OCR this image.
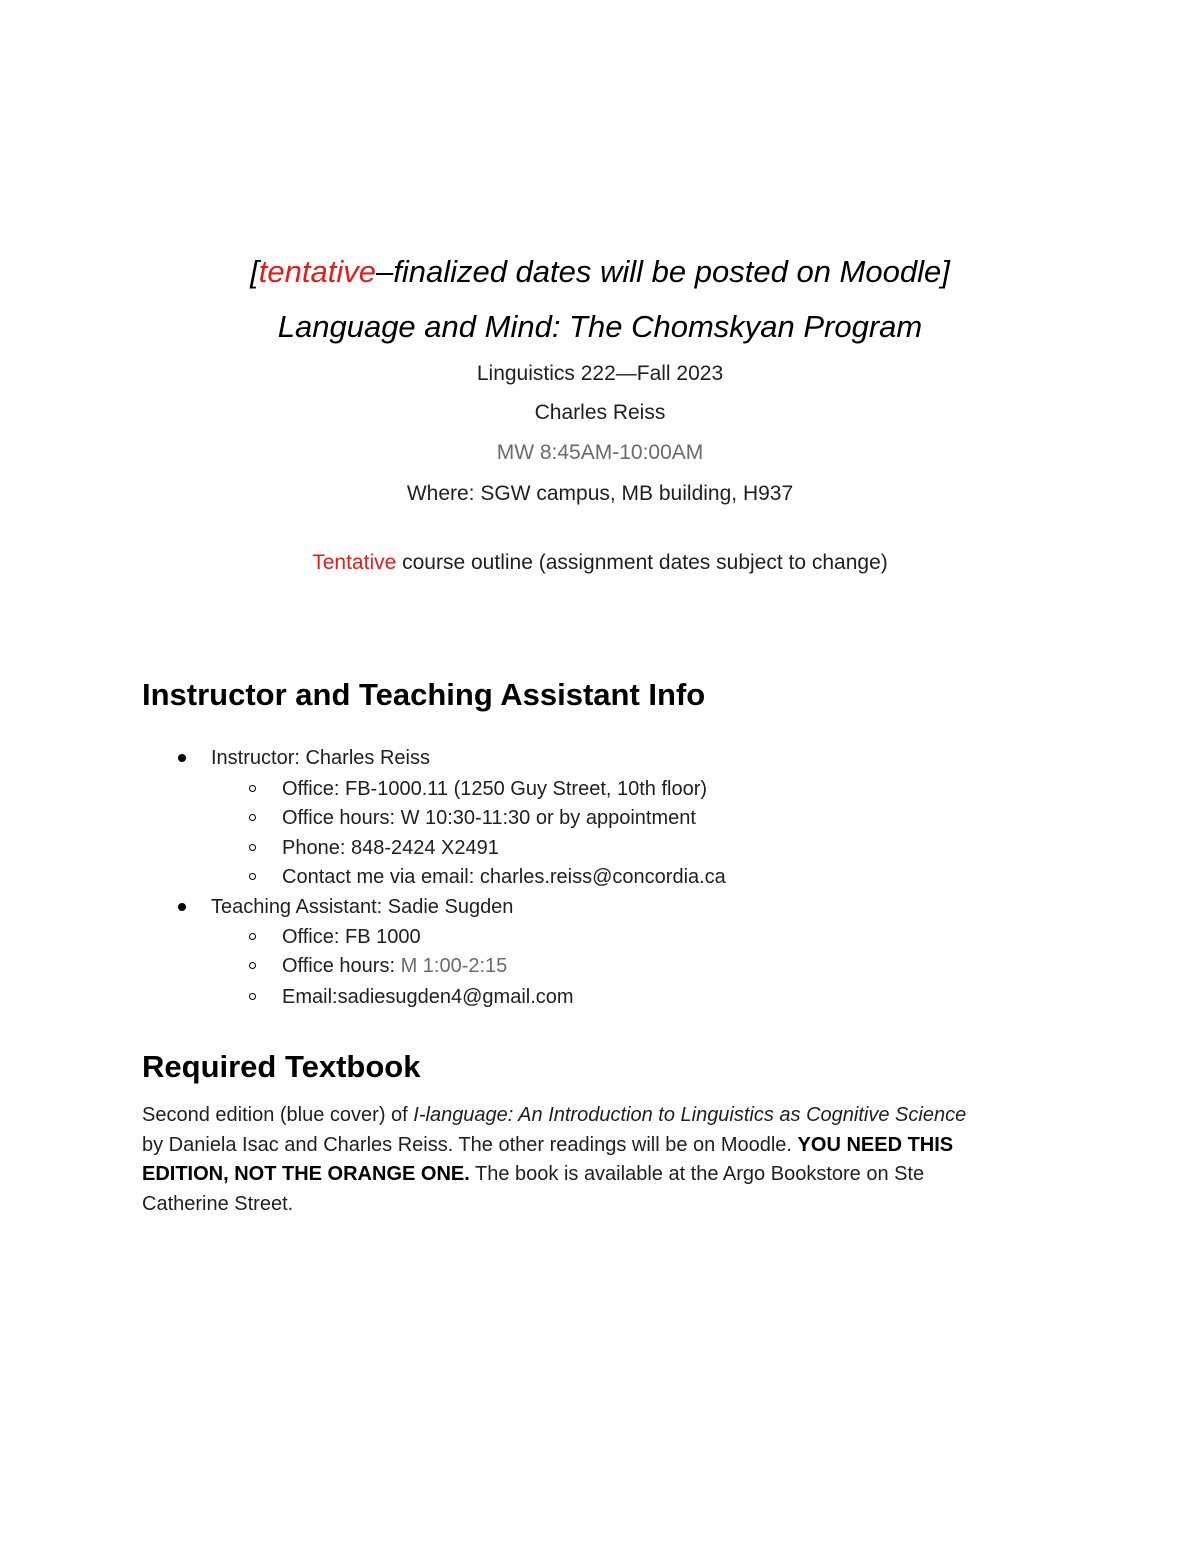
[tentative–finalized dates will be posted on Moodle]
Language and Mind: The Chomskyan Program
Linguistics 222—Fall 2023
Charles Reiss
MW 8:45AM-10:00AM
Where: SGW campus, MB building, H937
Tentative course outline (assignment dates subject to change)
Instructor and Teaching Assistant Info
Instructor: Charles Reiss
Office: FB-1000.11 (1250 Guy Street, 10th floor)
Office hours: W 10:30-11:30 or by appointment
Phone: 848-2424 X2491
Contact me via email: charles.reiss@concordia.ca
Teaching Assistant: Sadie Sugden
Office: FB 1000
Office hours: M 1:00-2:15
Email:sadiesugden4@gmail.com
Required Textbook
Second edition (blue cover) of I-language: An Introduction to Linguistics as Cognitive Science
by Daniela Isac and Charles Reiss. The other readings will be on Moodle. YOU NEED THIS
EDITION, NOT THE ORANGE ONE. The book is available at the Argo Bookstore on Ste
Catherine Street.
